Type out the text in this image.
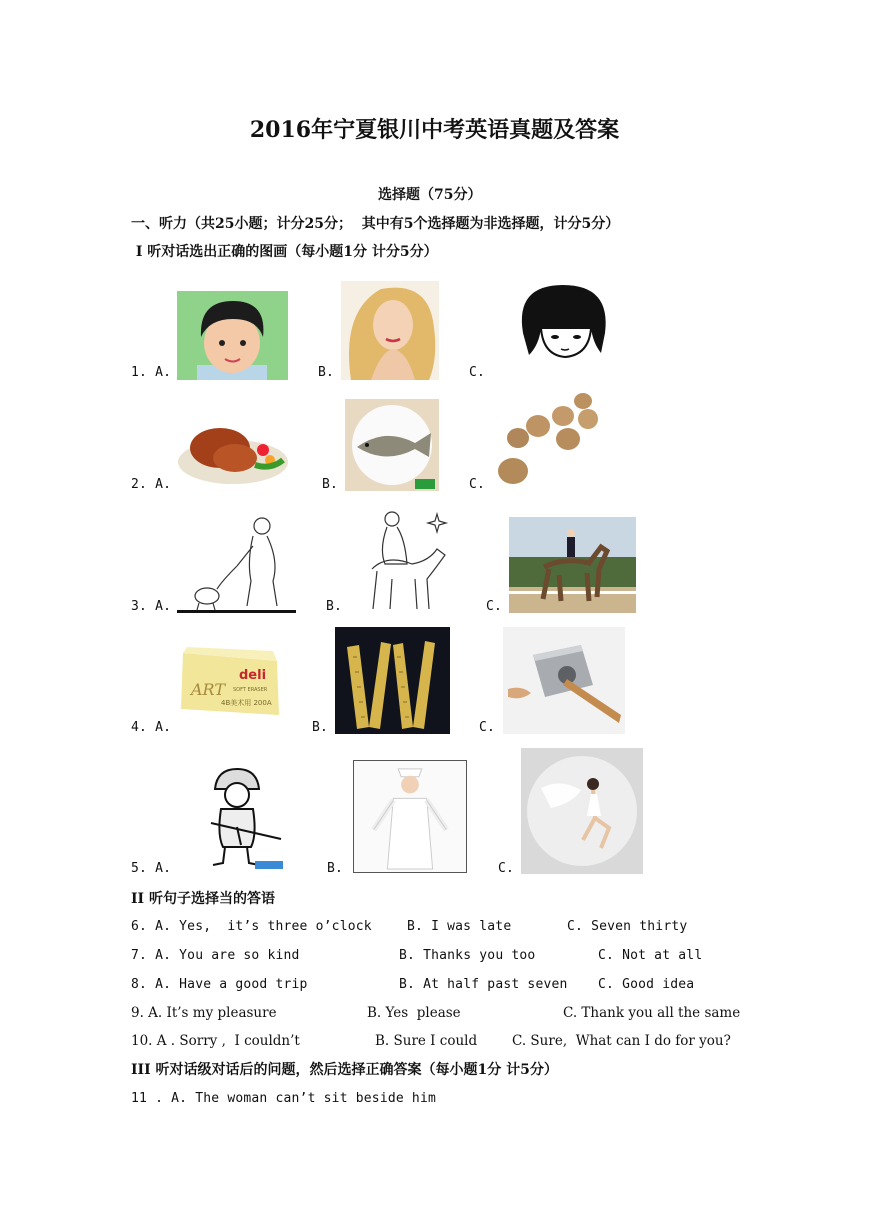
2016年宁夏银川中考英语真题及答案
选择题（75分）
一、听力（共25小题；计分25分；  其中有5个选择题为非选择题，计分5分）
I 听对话选出正确的图画（每小题1分 计分5分）
1. A.	B.	C.
2. A.	B.	C.
3. A.	B.	C.
4. A.	B.	C.
deli
ART SOFT ERASER
4B美术用 200A
5. A.	B.	C.
II 听句子选择当的答语
6. A. Yes,  it’s three o’clock	B. I was late	C. Seven thirty
7. A. You are so kind	B. Thanks you too	C. Not at all
8. A. Have a good trip	B. At half past seven C. Good idea
9. A. It’s my pleasure	B. Yes  please	C. Thank you all the same
10. A . Sorry ,  I couldn’t	B. Sure I could	C. Sure,  What can I do for you?
III 听对话级对话后的问题，然后选择正确答案（每小题1分 计5分）
11 . A. The woman can’t sit beside him
